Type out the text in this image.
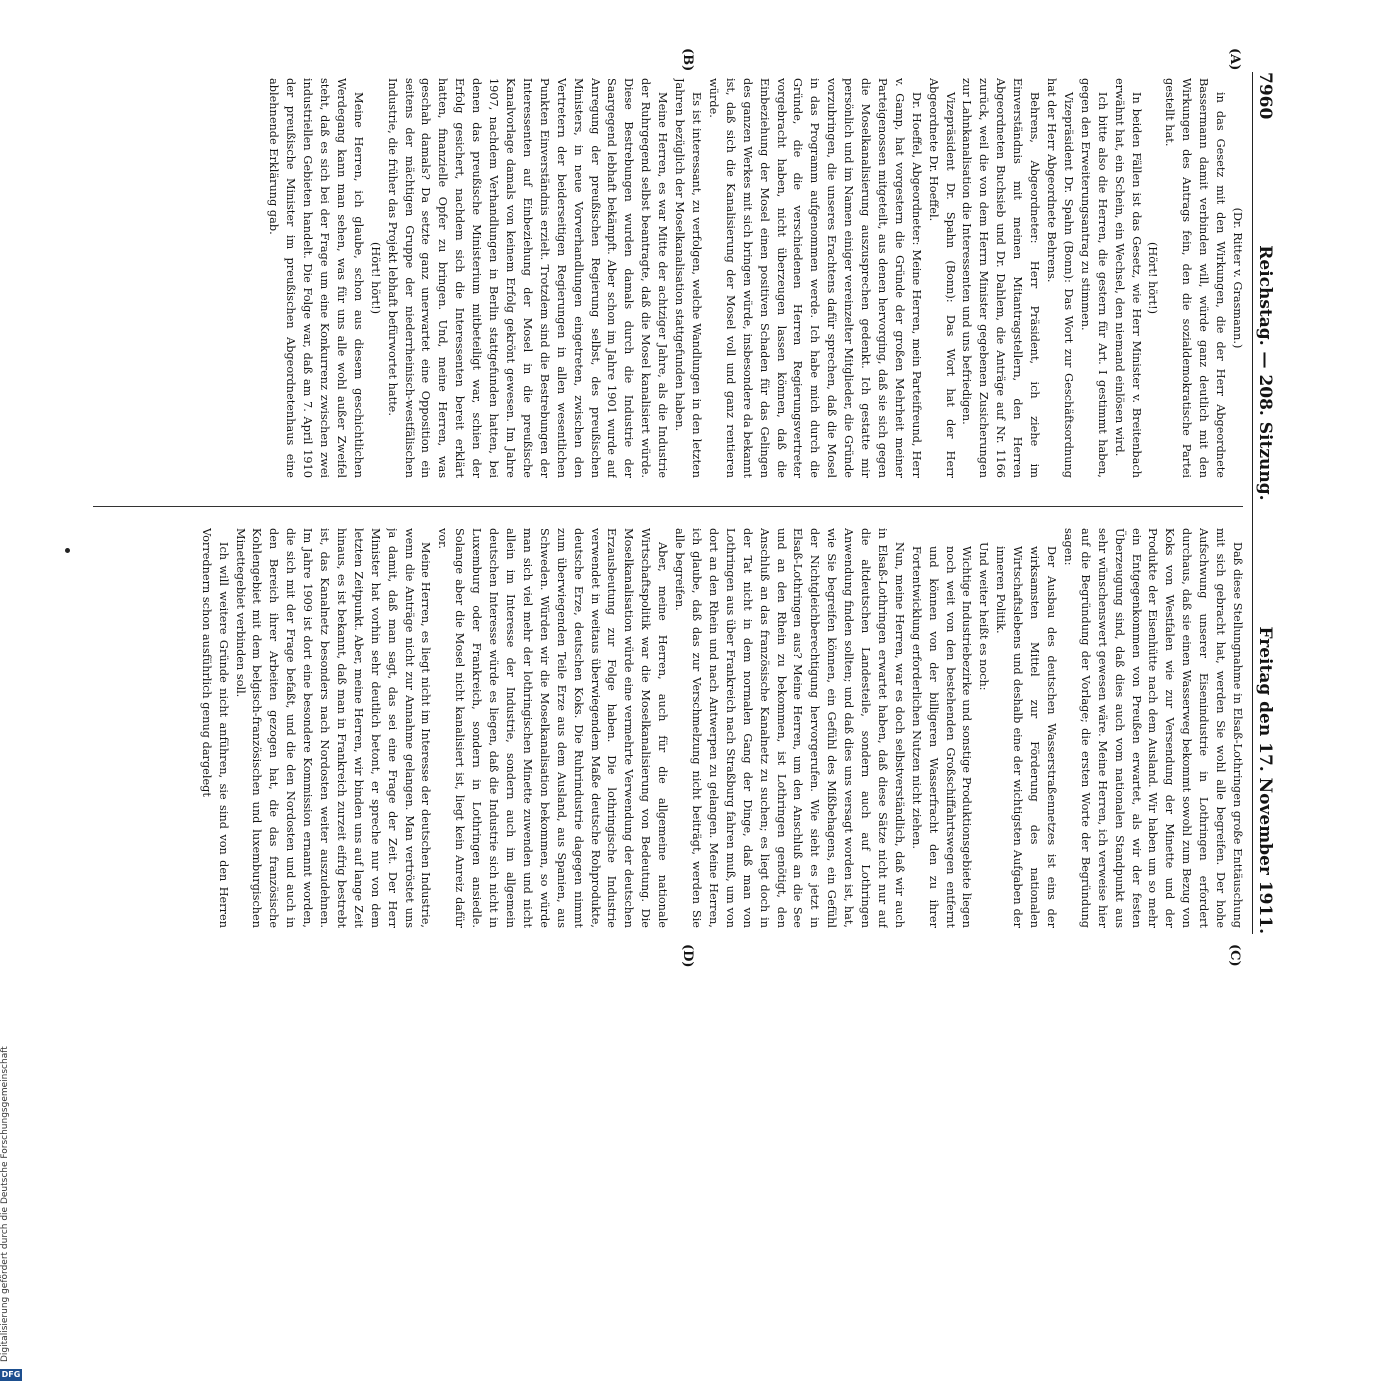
7960
Reichstag. — 208. Sitzung.
Freitag den 17. November 1911.
(A)
(B)
(C)
(D)

(Dr. Ritter v. Grasmann.)

in das Gesetz mit den Wirkungen, die der Herr Abgeordnete Bassermann damit verbinden will, würde ganz deutlich mit den Wirkungen des Antrags fein, den die sozialdemokratische Partei gestellt hat.

(Hört! hört!)

In beiden Fällen ist das Gesetz, wie Herr Minister v. Breitenbach erwähnt hat, ein Schein, ein Wechsel, den niemand einlösen wird.

Ich bitte also die Herren, die gestern für Art. I gestimmt haben, gegen den Erweiterungsantrag zu stimmen.

Vizepräsident Dr. Spahn (Bonn): Das Wort zur Geschäftsordnung hat der Herr Abgeordnete Behrens.

Behrens, Abgeordneter: Herr Präsident, ich ziehe im Einverständnis mit meinen Mitantragstellern, den Herren Abgeordneten Buchsieb und Dr. Dahlem, die Anträge auf Nr. 1166 zurück, weil die von dem Herrn Minister gegebenen Zusicherungen zur Lahnkanalisation die Interessenten und uns befriedigen.

Vizepräsident Dr. Spahn (Bonn): Das Wort hat der Herr Abgeordnete Dr. Hoeffel.

Dr. Hoeffel, Abgeordneter: Meine Herren, mein Parteifreund, Herr v. Gamp, hat vorgestern die Gründe der großen Mehrheit meiner Parteigenossen mitgeteilt, aus denen hervorging, daß sie sich gegen die Moselkanalisierung auszusprechen gedenkt. Ich gestatte mir persönlich und im Namen einiger vereinzelter Mitglieder, die Gründe vorzubringen, die unseres Erachtens dafür sprechen, daß die Mosel in das Programm aufgenommen werde. Ich habe mich durch die Gründe, die die verschiedenen Herren Regierungsvertreter vorgebracht haben, nicht überzeugen lassen können, daß die Einbeziehung der Mosel einen positiven Schaden für das Gelingen des ganzen Werkes mit sich bringen würde, insbesondere da bekannt ist, daß sich die Kanalisierung der Mosel voll und ganz rentieren würde.

Es ist interessant, zu verfolgen, welche Wandlungen in den letzten Jahren bezüglich der Moselkanalisation stattgefunden haben.

Meine Herren, es war Mitte der achtziger Jahre, als die Industrie der Ruhrgegend selbst beantragte, daß die Mosel kanalisiert würde. Diese Bestrebungen wurden damals durch die Industrie der Saargegend lebhaft bekämpft. Aber schon im Jahre 1901 wurde auf Anregung der preußischen Regierung selbst, des preußischen Ministers, in neue Vorverhandlungen eingetreten, zwischen den Vertretern der beiderseitigen Regierungen in allen wesentlichen Punkten Einverständnis erzielt. Trotzdem sind die Bestrebungen der Interessenten auf Einbeziehung der Mosel in die preußische Kanalvorlage damals von keinem Erfolg gekrönt gewesen. Im Jahre 1907, nachdem Verhandlungen in Berlin stattgefunden hatten, bei denen das preußische Ministerium mitbeteiligt war, schien der Erfolg gesichert, nachdem sich die Interessenten bereit erklärt hatten, finanzielle Opfer zu bringen. Und, meine Herren, was geschah damals? Da setzte ganz unerwartet eine Opposition ein seitens der mächtigen Gruppe der niederrheinisch-westfälischen Industrie, die früher das Projekt lebhaft befürwortet hatte.

(Hört! hört!)

Meine Herren, ich glaube, schon aus diesem geschichtlichen Werdegang kann man sehen, was für uns alle wohl außer Zweifel steht, daß es sich bei der Frage um eine Konkurrenz zwischen zwei industriellen Gebieten handelt. Die Folge war, daß am 7. April 1910 der preußische Minister im preußischen Abgeordnetenhaus eine ablehnende Erklärung gab.

Daß diese Stellungnahme in Elsaß-Lothringen große Enttäuschung mit sich gebracht hat, werden Sie wohl alle begreifen. Der hohe Aufschwung unserer Eisenindustrie in Lothringen erfordert durchaus, daß sie einen Wasserweg bekommt sowohl zum Bezug von Koks von Westfalen wie zur Versendung der Minette und der Produkte der Eisenhütte nach dem Ausland. Wir haben um so mehr ein Entgegenkommen von Preußen erwartet, als wir der festen Überzeugung sind, daß dies auch vom nationalen Standpunkt aus sehr wünschenswert gewesen wäre. Meine Herren, ich verweise hier auf die Begründung der Vorlage; die ersten Worte der Begründung sagen:

Der Ausbau des deutschen Wasserstraßennetzes ist eins der wirksamsten Mittel zur Förderung des nationalen Wirtschaftslebens und deshalb eine der wichtigsten Aufgaben der inneren Politik.

Und weiter heißt es noch:

Wichtige Industriebezirke und sonstige Produktionsgebiete liegen noch weit von den bestehenden Großschiffahrtswegen entfernt und können von der billigeren Wasserfracht den zu ihrer Fortentwicklung erforderlichen Nutzen nicht ziehen.

Nun, meine Herren, war es doch selbstverständlich, daß wir auch in Elsaß-Lothringen erwartet haben, daß diese Sätze nicht nur auf die altdeutschen Landesteile, sondern auch auf Lothringen Anwendung finden sollten; und daß dies uns versagt worden ist, hat, wie Sie begreifen können, ein Gefühl des Mißbehagens, ein Gefühl der Nichtgleichberechtigung hervorgerufen. Wie sieht es jetzt in Elsaß-Lothringen aus? Meine Herren, um den Anschluß an die See und an den Rhein zu bekommen, ist Lothringen genötigt, den Anschluß an das französische Kanalnetz zu suchen; es liegt doch in der Tat nicht in dem normalen Gang der Dinge, daß man von Lothringen aus über Frankreich nach Straßburg fahren muß, um von dort an den Rhein und nach Antwerpen zu gelangen. Meine Herren, ich glaube, daß das zur Verschmelzung nicht beiträgt, werden Sie alle begreifen.

Aber, meine Herren, auch für die allgemeine nationale Wirtschaftspolitik war die Moselkanalisierung von Bedeutung. Die Moselkanalisation würde eine vermehrte Verwendung der deutschen Erzausbeutung zur Folge haben. Die lothringische Industrie verwendet in weitaus überwiegendem Maße deutsche Rohprodukte, deutsche Erze, deutschen Koks. Die Ruhrindustrie dagegen nimmt zum überwiegenden Teile Erze aus dem Ausland, aus Spanien, aus Schweden. Würden wir die Moselkanalisation bekommen, so würde man sich viel mehr der lothringischen Minette zuwenden und nicht allein im Interesse der Industrie, sondern auch im allgemein deutschen Interesse würde es liegen, daß die Industrie sich nicht in Luxemburg oder Frankreich, sondern in Lothringen ansiedle. Solange aber die Mosel nicht kanalisiert ist, liegt kein Anreiz dafür vor.

Meine Herren, es liegt nicht im Interesse der deutschen Industrie, wenn die Anträge nicht zur Annahme gelangen. Man vertröstet uns ja damit, daß man sagt, das sei eine Frage der Zeit. Der Herr Minister hat vorhin sehr deutlich betont, er spreche nur von dem letzten Zeitpunkt. Aber, meine Herren, wir binden uns auf lange Zeit hinaus, es ist bekannt, daß man in Frankreich zurzeit eifrig bestrebt ist, das Kanalnetz besonders nach Nordosten weiter auszudehnen. Im Jahre 1909 ist dort eine besondere Kommission ernannt worden, die sich mit der Frage befaßt, und die den Nordosten und auch in den Bereich ihrer Arbeiten gezogen hat, die das französische Kohlengebiet mit dem belgisch-französischen und luxemburgischen Minettegebiet verbinden soll.

Ich will weitere Gründe nicht anführen, sie sind von den Herren Vorrednern schon ausführlich genug dargelegt

DFG
Digitalisierung gefördert durch die Deutsche Forschungsgemeinschaft
